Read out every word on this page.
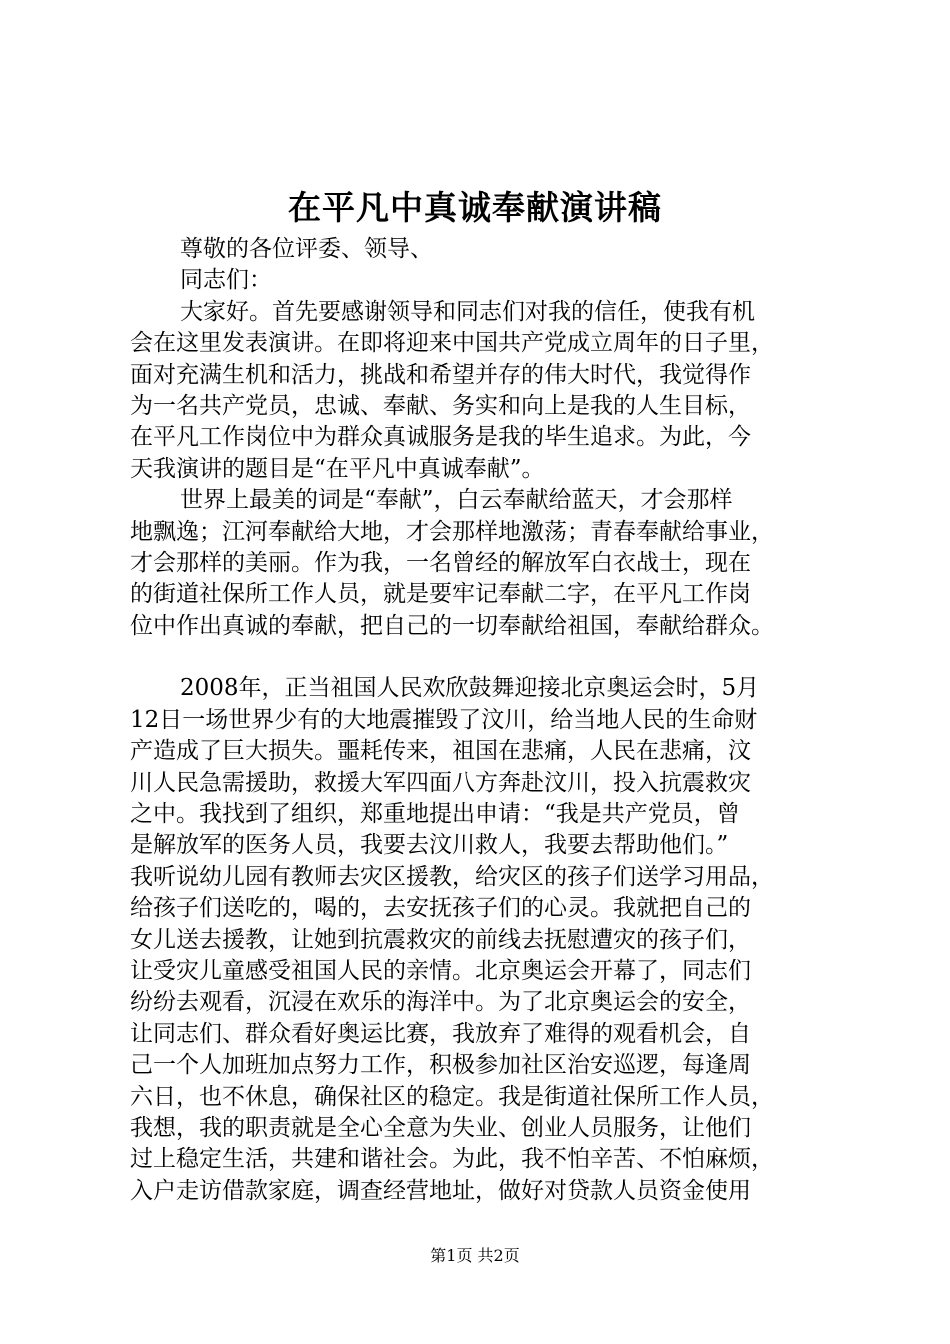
在平凡中真诚奉献演讲稿
尊敬的各位评委、领导、
同志们：
大家好。首先要感谢领导和同志们对我的信任，使我有机
会在这里发表演讲。在即将迎来中国共产党成立周年的日子里，
面对充满生机和活力，挑战和希望并存的伟大时代，我觉得作
为一名共产党员，忠诚、奉献、务实和向上是我的人生目标，
在平凡工作岗位中为群众真诚服务是我的毕生追求。为此，今
天我演讲的题目是“在平凡中真诚奉献”。
世界上最美的词是“奉献”，白云奉献给蓝天，才会那样
地飘逸；江河奉献给大地，才会那样地激荡；青春奉献给事业，
才会那样的美丽。作为我，一名曾经的解放军白衣战士，现在
的街道社保所工作人员，就是要牢记奉献二字，在平凡工作岗
位中作出真诚的奉献，把自己的一切奉献给祖国，奉献给群众。
2008年，正当祖国人民欢欣鼓舞迎接北京奥运会时，5月
12日一场世界少有的大地震摧毁了汶川，给当地人民的生命财
产造成了巨大损失。噩耗传来，祖国在悲痛，人民在悲痛，汶
川人民急需援助，救援大军四面八方奔赴汶川，投入抗震救灾
之中。我找到了组织，郑重地提出申请：“我是共产党员，曾
是解放军的医务人员，我要去汶川救人，我要去帮助他们。”
我听说幼儿园有教师去灾区援教，给灾区的孩子们送学习用品，
给孩子们送吃的，喝的，去安抚孩子们的心灵。我就把自己的
女儿送去援教，让她到抗震救灾的前线去抚慰遭灾的孩子们，
让受灾儿童感受祖国人民的亲情。北京奥运会开幕了，同志们
纷纷去观看，沉浸在欢乐的海洋中。为了北京奥运会的安全，
让同志们、群众看好奥运比赛，我放弃了难得的观看机会，自
己一个人加班加点努力工作，积极参加社区治安巡逻，每逢周
六日，也不休息，确保社区的稳定。我是街道社保所工作人员，
我想，我的职责就是全心全意为失业、创业人员服务，让他们
过上稳定生活，共建和谐社会。为此，我不怕辛苦、不怕麻烦，
入户走访借款家庭，调查经营地址，做好对贷款人员资金使用
第1页 共2页
